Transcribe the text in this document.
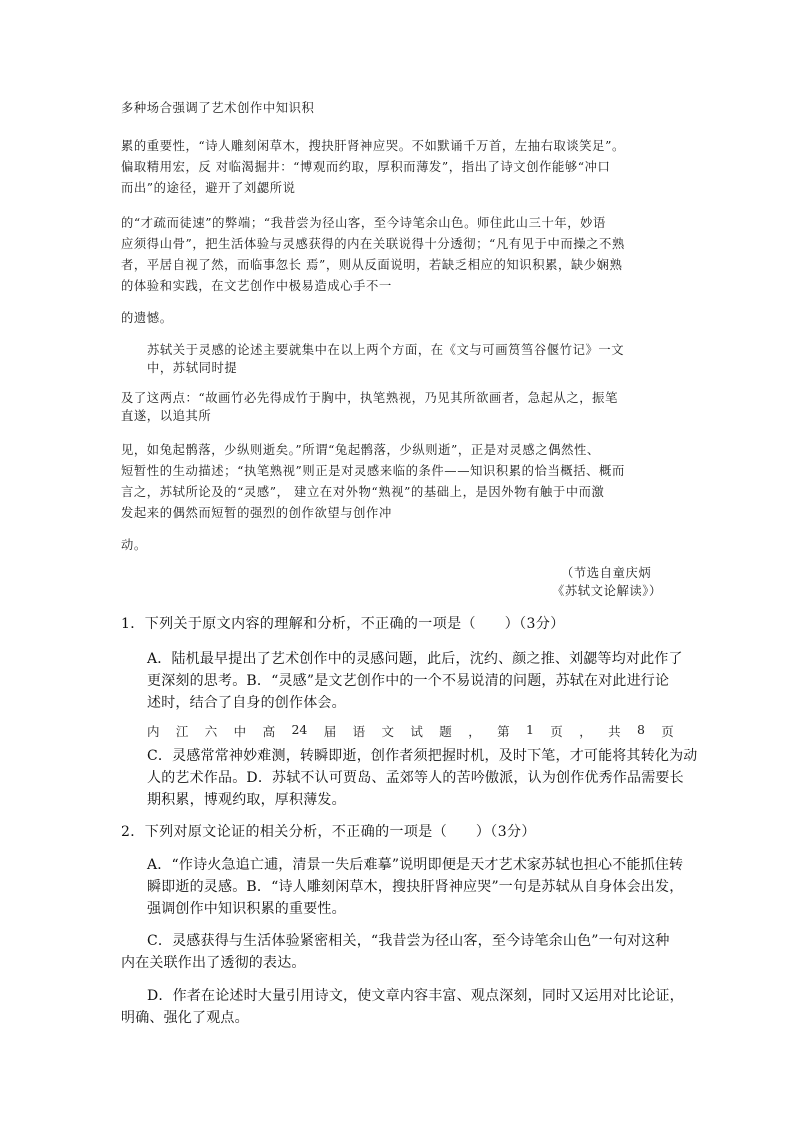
多种场合强调了艺术创作中知识积
累的重要性，“诗人雕刻闲草木，搜抉肝肾神应哭。不如默诵千万首，左抽右取谈笑足”。
偏取精用宏，反 对临渴掘井：“博观而约取，厚积而薄发”，指出了诗文创作能够“冲口
而出”的途径，避开了刘勰所说
的“才疏而徒速”的弊端；“我昔尝为径山客，至今诗笔余山色。师住此山三十年，妙语
应须得山骨”，把生活体验与灵感获得的内在关联说得十分透彻；“凡有见于中而操之不熟
者，平居自视了然，而临事忽长 焉”，则从反面说明，若缺乏相应的知识积累，缺少娴熟
的体验和实践，在文艺创作中极易造成心手不一
的遗憾。
苏轼关于灵感的论述主要就集中在以上两个方面，在《文与可画筼筜谷偃竹记》一文
中，苏轼同时提
及了这两点：“故画竹必先得成竹于胸中，执笔熟视，乃见其所欲画者，急起从之，振笔
直遂，以追其所
见，如兔起鹘落，少纵则逝矣。”所谓“兔起鹘落，少纵则逝”，正是对灵感之偶然性、
短暂性的生动描述；“执笔熟视”则正是对灵感来临的条件——知识积累的恰当概括、概而
言之，苏轼所论及的“灵感”， 建立在对外物“熟视”的基础上，是因外物有触于中而激
发起来的偶然而短暂的强烈的创作欲望与创作冲
动。
（节选自童庆炳
《苏轼文论解读》）
1．下列关于原文内容的理解和分析，不正确的一项是（　　）（3分）
A．陆机最早提出了艺术创作中的灵感问题，此后，沈约、颜之推、刘勰等均对此作了
更深刻的思考。B．“灵感”是文艺创作中的一个不易说清的问题，苏轼在对此进行论
述时，结合了自身的创作体会。
内 江 六 中 高 24 届 语 文 试 题 ， 第 1 页 ， 共 8 页
C．灵感常常神妙难测，转瞬即逝，创作者须把握时机，及时下笔，才可能将其转化为动
人的艺术作品。D．苏轼不认可贾岛、孟郊等人的苦吟傲派，认为创作优秀作品需要长
期积累，博观约取，厚积薄发。
2．下列对原文论证的相关分析，不正确的一项是（　　）（3分）
A．“作诗火急追亡逋，清景一失后难摹”说明即便是天才艺术家苏轼也担心不能抓住转
瞬即逝的灵感。B．“诗人雕刻闲草木，搜抉肝肾神应哭”一句是苏轼从自身体会出发，
强调创作中知识积累的重要性。
C．灵感获得与生活体验紧密相关，“我昔尝为径山客，至今诗笔余山色”一句对这种
内在关联作出了透彻的表达。
D．作者在论述时大量引用诗文，使文章内容丰富、观点深刻，同时又运用对比论证，
明确、强化了观点。
